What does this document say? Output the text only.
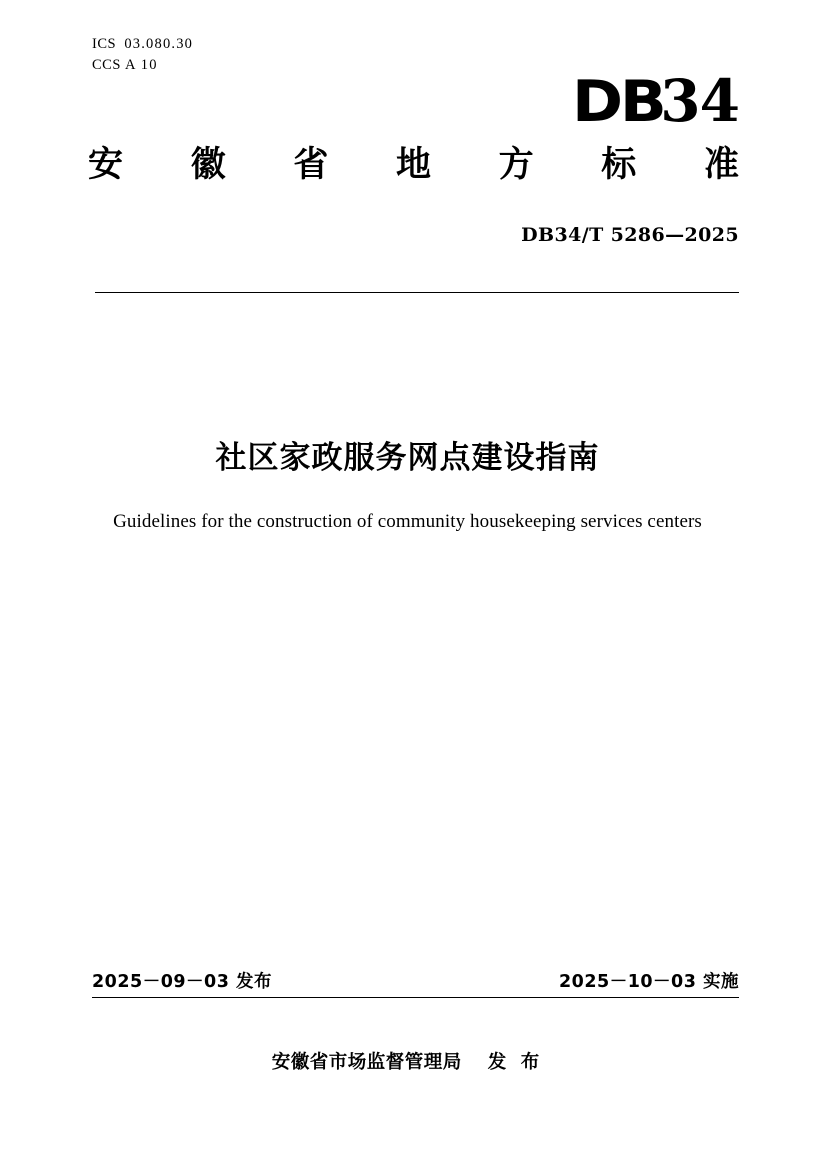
ICS 03.080.30
CCS A 10
DB
34
安 徽 省 地 方 标 准
DB34/T 5286—2025
社区家政服务网点建设指南
Guidelines for the construction of community housekeeping services centers
2025－09－03 发布	2025－10－03 实施
安徽省市场监督管理局 发 布
